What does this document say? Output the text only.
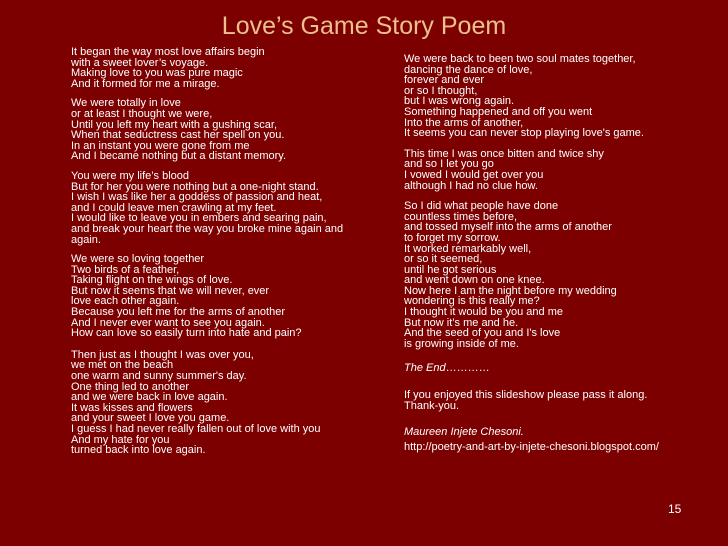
Love’s Game Story Poem
It began the way most love affairs begin
with a sweet lover’s voyage.
Making love to you was pure magic
And it formed for me a mirage.
We were totally in love
or at least I thought we were,
Until you left my heart with a gushing scar,
When that seductress cast her spell on you.
In an instant you were gone from me
And I became nothing but a distant memory.
You were my life’s blood
But for her you were nothing but a one-night stand.
I wish I was like her a goddess of passion and heat,
and I could leave men crawling at my feet.
I would like to leave you in embers and searing pain,
and break your heart the way you broke mine again and again.
We were so loving together
Two birds of a feather,
Taking flight on the wings of love.
But now it seems that we will never, ever
love each other again.
Because you left me for the arms of another
And I never ever want to see you again.
How can love so easily turn into hate and pain?
Then just as I thought I was over you,
we met on the beach
one warm and sunny summer's day.
One thing led to another
and we were back in love again.
It was kisses and flowers
and your sweet I love you game.
I guess I had never really fallen out of love with you
And my hate for you
turned back into love again.
We were back to been two soul mates together,
dancing the dance of love,
forever and ever
or so I thought,
but I was wrong again.
Something happened and off you went
Into the arms of another,
It seems you can never stop playing love's game.
This time I was once bitten and twice shy
and so I let you go
I vowed I would get over you
although I had no clue how.
So I did what people have done
countless times before,
and tossed myself into the arms of another
to forget my sorrow.
It worked remarkably well,
or so it seemed,
until he got serious
and went down on one knee.
Now here I am the night before my wedding
wondering is this really me?
I thought it would be you and me
But now it’s me and he.
And the seed of you and I's love
is growing inside of me.
The End…………
If you enjoyed this slideshow please pass it along.
Thank-you.
Maureen Injete Chesoni.
http://poetry-and-art-by-injete-chesoni.blogspot.com/
15
